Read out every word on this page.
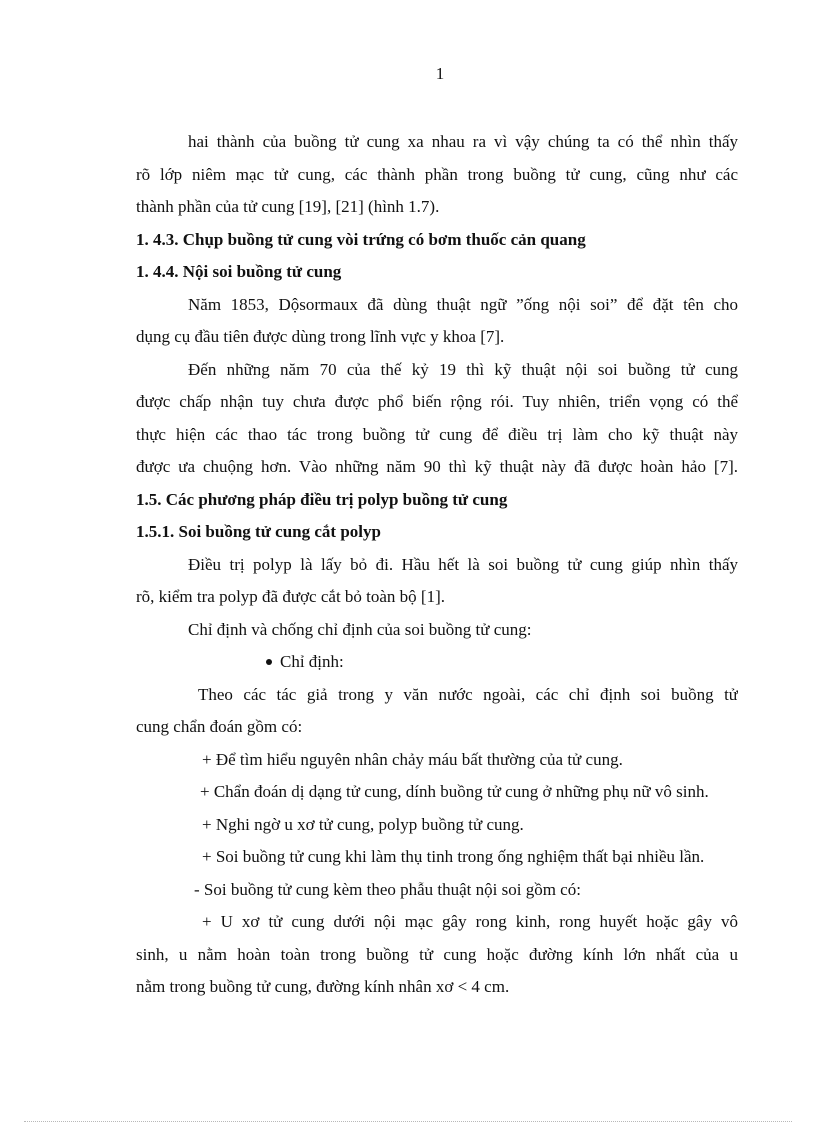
1
hai thành của buồng tử cung xa nhau ra vì vậy chúng ta có thể nhìn thấy
rõ lớp niêm mạc tử cung, các thành phần trong buồng tử cung, cũng như các
thành phần của tử cung [19], [21] (hình 1.7).
1. 4.3. Chụp buồng tử cung vòi trứng có bơm thuốc cản quang
1. 4.4. Nội soi buồng tử cung
Năm 1853, Dộsormaux đã dùng thuật ngữ ”ống nội soi” để đặt tên cho
dụng cụ đầu tiên được dùng trong lĩnh vực y khoa [7].
Đến những năm 70 của thế kỷ 19 thì kỹ thuật nội soi buồng tử cung
được chấp nhận tuy chưa được phổ biến rộng rói. Tuy nhiên, triển vọng có thể
thực hiện các thao tác trong buồng tử cung để điều trị làm cho kỹ thuật này
được ưa chuộng hơn. Vào những năm 90 thì kỹ thuật này đã được hoàn hảo [7].
1.5. Các phương pháp điều trị polyp buồng tử cung
1.5.1. Soi buồng tử cung cắt polyp
Điều trị polyp là lấy bỏ đi. Hầu hết là soi buồng tử cung giúp nhìn thấy
rõ, kiểm tra polyp đã được cắt bỏ toàn bộ [1].
Chỉ định và chống chỉ định của soi buồng tử cung:
Chỉ định:
Theo các tác giả trong y văn nước ngoài, các chỉ định soi buồng tử
cung chẩn đoán gồm có:
+ Để tìm hiểu nguyên nhân chảy máu bất thường của tử cung.
+ Chẩn đoán dị dạng tử cung, dính buồng tử cung ở những phụ nữ vô sinh.
+ Nghi ngờ u xơ tử cung, polyp buồng tử cung.
+ Soi buồng tử cung khi làm thụ tinh trong ống nghiệm thất bại nhiều lần.
- Soi buồng tử cung kèm theo phẫu thuật nội soi gồm có:
+ U xơ tử cung dưới nội mạc gây rong kinh, rong huyết hoặc gây vô
sinh, u nằm hoàn toàn trong buồng tử cung hoặc đường kính lớn nhất của u
nằm trong buồng tử cung, đường kính nhân xơ < 4 cm.
